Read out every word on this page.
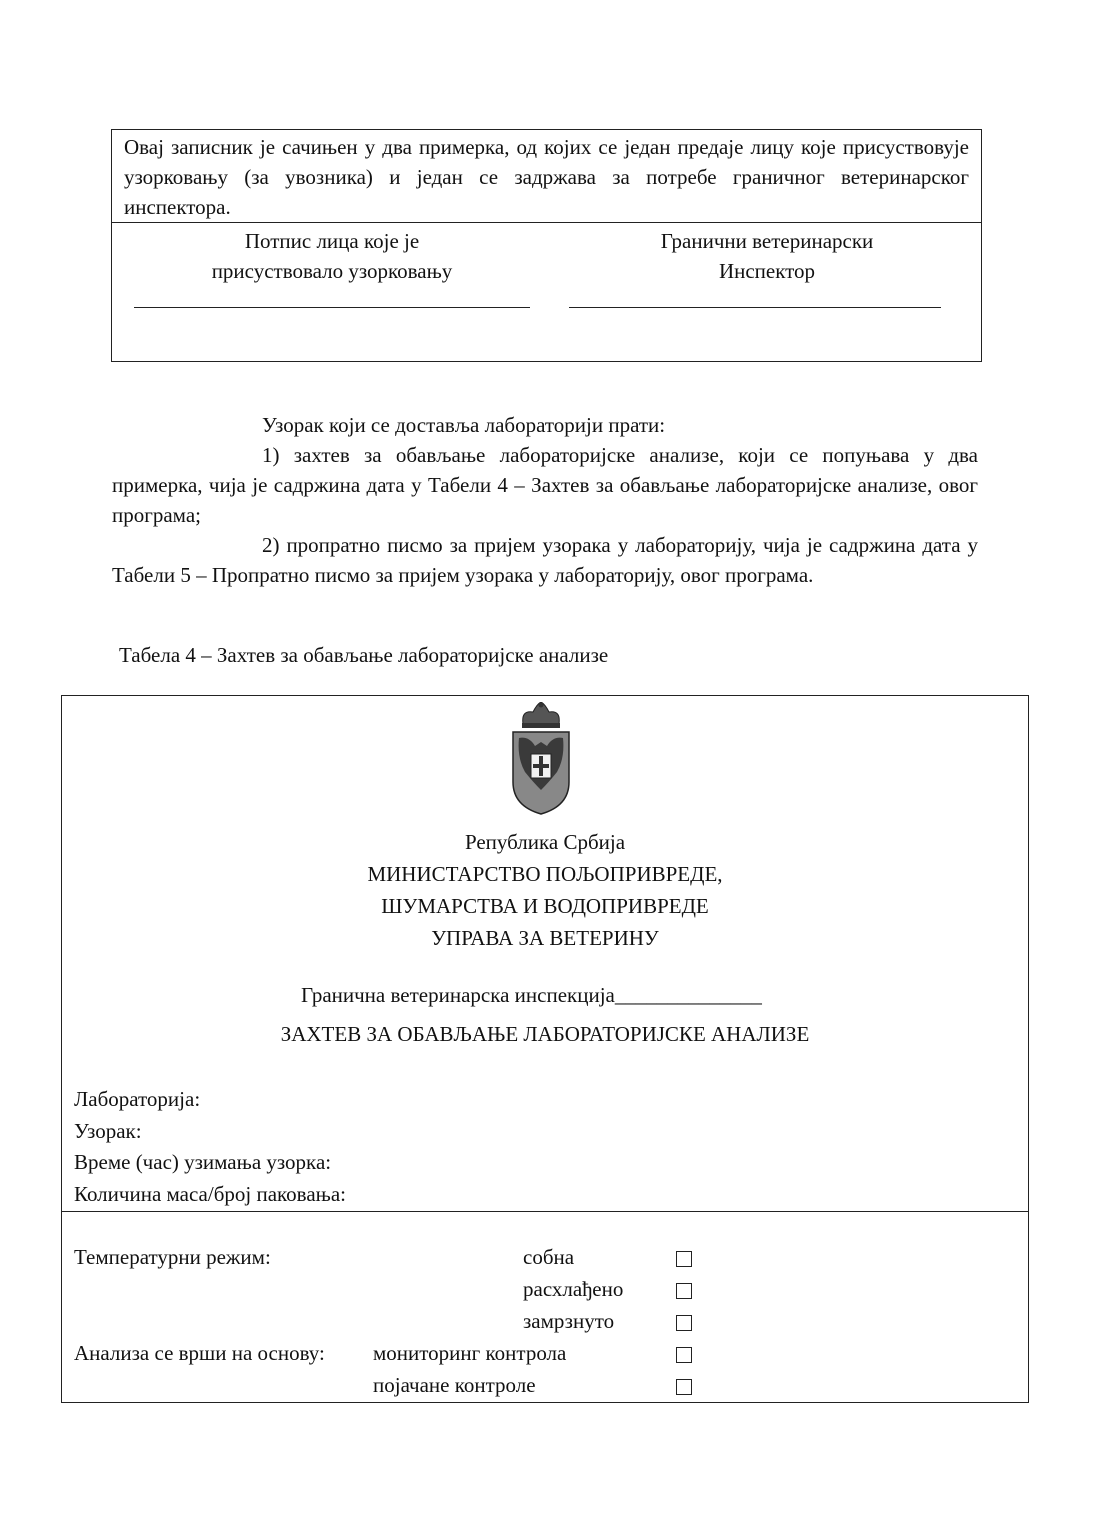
Овај записник је сачињен у два примерка, од којих се један предаје лицу које присуствовује узорковању (за увозника) и један се задржава за потребе граничног ветеринарског инспектора.
Потпис лица које је
присуствовало узорковању
Гранични ветеринарски
Инспектор
Узорак који се доставља лабораторији прати:
1) захтев за обављање лабораторијске анализе, који се попуњава у два примерка, чија је садржина дата у Табели 4 – Захтев за обављање лабораторијске анализе, овог програма;
2) пропратно писмо за пријем узорака у лабораторију, чија је садржина дата у Табели 5 – Пропратно писмо за пријем узорака у лабораторију, овог програма.
Табела 4 – Захтев за обављање лабораторијске анализе
Република Србија
МИНИСТАРСТВО ПОЉОПРИВРЕДЕ,
ШУМАРСТВА И ВОДОПРИВРЕДЕ
УПРАВА ЗА ВЕТЕРИНУ

Гранична ветеринарска инспекција______________

ЗАХТЕВ ЗА ОБАВЉАЊЕ ЛАБОРАТОРИЈСКЕ АНАЛИЗЕ
Лабораторија:
Узорак:
Време (час) узимања узорка:
Количина маса/број паковања:
Температурни режим:	собна
расхлађено
замрзнуто
Анализа се врши на основу: мониторинг контрола
појачане контроле
